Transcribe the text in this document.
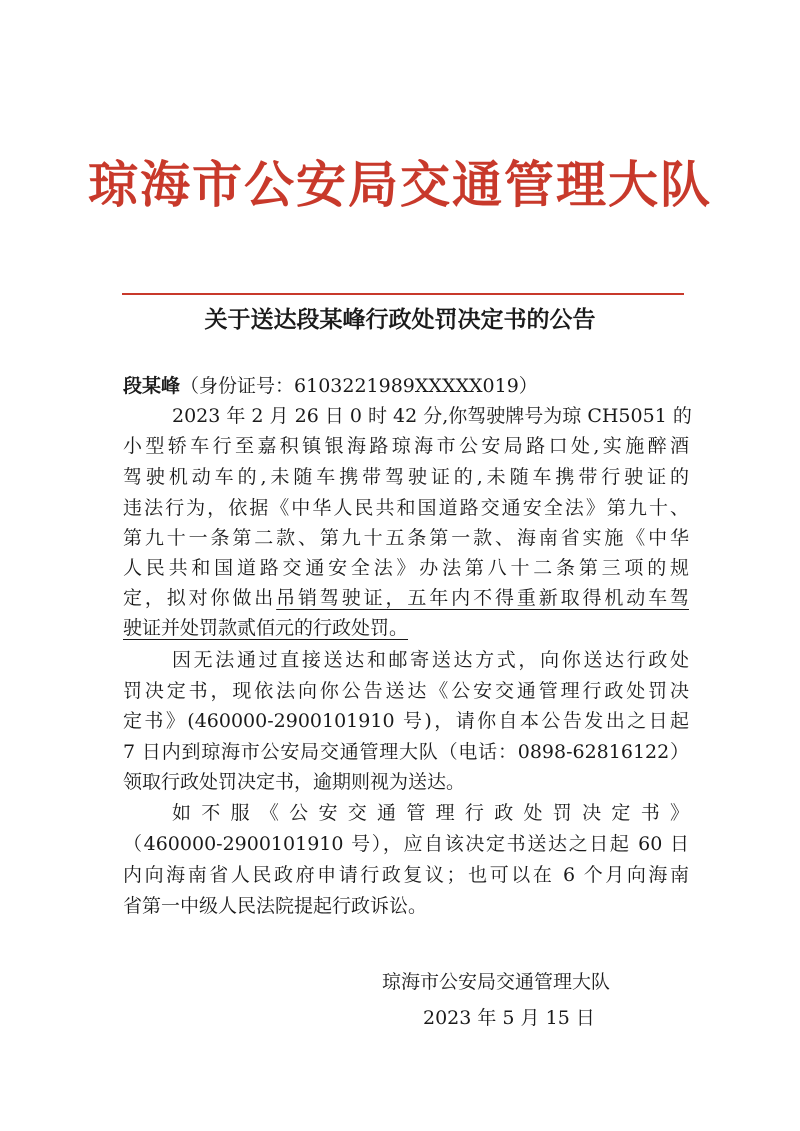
琼海市公安局交通管理大队
关于送达段某峰行政处罚决定书的公告
段某峰（身份证号：6103221989XXXXX019）
2023 年 2 月 26 日 0 时 42 分,你驾驶牌号为琼 CH5051 的
小型轿车行至嘉积镇银海路琼海市公安局路口处,实施醉酒
驾驶机动车的,未随车携带驾驶证的,未随车携带行驶证的
违法行为，依据《中华人民共和国道路交通安全法》第九十、
第九十一条第二款、第九十五条第一款、海南省实施《中华
人民共和国道路交通安全法》办法第八十二条第三项的规
定，拟对你做出吊销驾驶证，五年内不得重新取得机动车驾
驶证并处罚款贰佰元的行政处罚。
因无法通过直接送达和邮寄送达方式，向你送达行政处
罚决定书，现依法向你公告送达《公安交通管理行政处罚决
定书》(460000-2900101910 号)，请你自本公告发出之日起
7 日内到琼海市公安局交通管理大队（电话：0898-62816122）
领取行政处罚决定书，逾期则视为送达。
如不服《公安交通管理行政处罚决定书》
（460000-2900101910 号），应自该决定书送达之日起 60 日
内向海南省人民政府申请行政复议；也可以在 6 个月向海南
省第一中级人民法院提起行政诉讼。
琼海市公安局交通管理大队
2023 年 5 月 15 日
